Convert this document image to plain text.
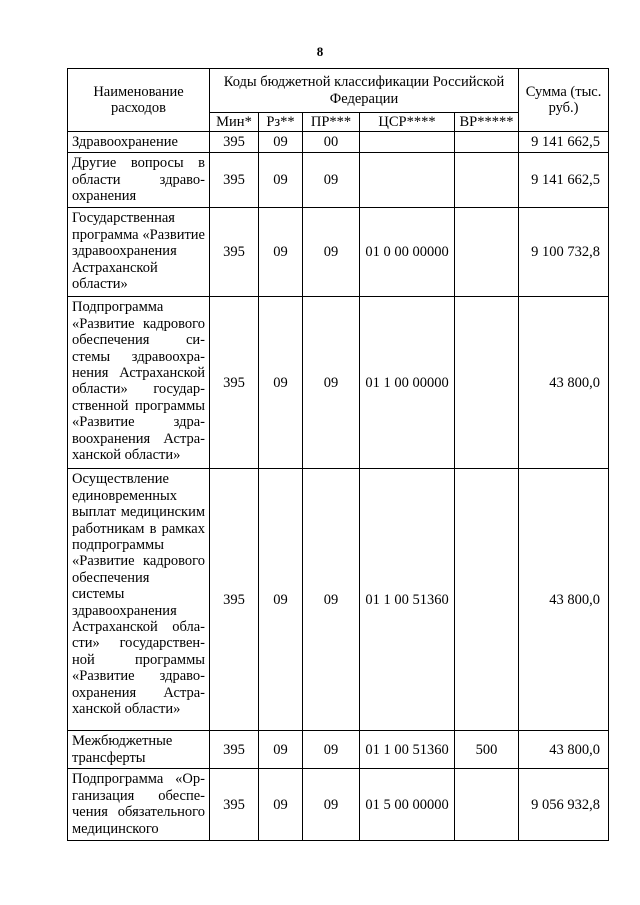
8
Наименование расходов	Коды бюджетной классификации Российской Федерации					Сумма (тыс. руб.)
	Мин*	Рз**	ПР***	ЦСР****	ВР*****	
Здравоохранение	395	09	00			9 141 662,5
Другие вопросы в области здравоохранения	395	09	09			9 141 662,5
Государственная программа «Развитие здравоохранения Астраханской области»	395	09	09	01 0 00 00000		9 100 732,8
Подпрограмма «Развитие кадрового обеспечения системы здравоохранения Астраханской области» государственной программы «Развитие здравоохранения Астраханской области»	395	09	09	01 1 00 00000		43 800,0
Осуществление единовременных выплат медицинским работникам в рамках подпрограммы «Развитие кадрового обеспечения системы здравоохранения Астраханской области» государственной программы «Развитие здравоохранения Астраханской области»	395	09	09	01 1 00 51360		43 800,0
Межбюджетные трансферты	395	09	09	01 1 00 51360	500	43 800,0
Подпрограмма «Организация обеспечения обязательного медицинского	395	09	09	01 5 00 00000		9 056 932,8
